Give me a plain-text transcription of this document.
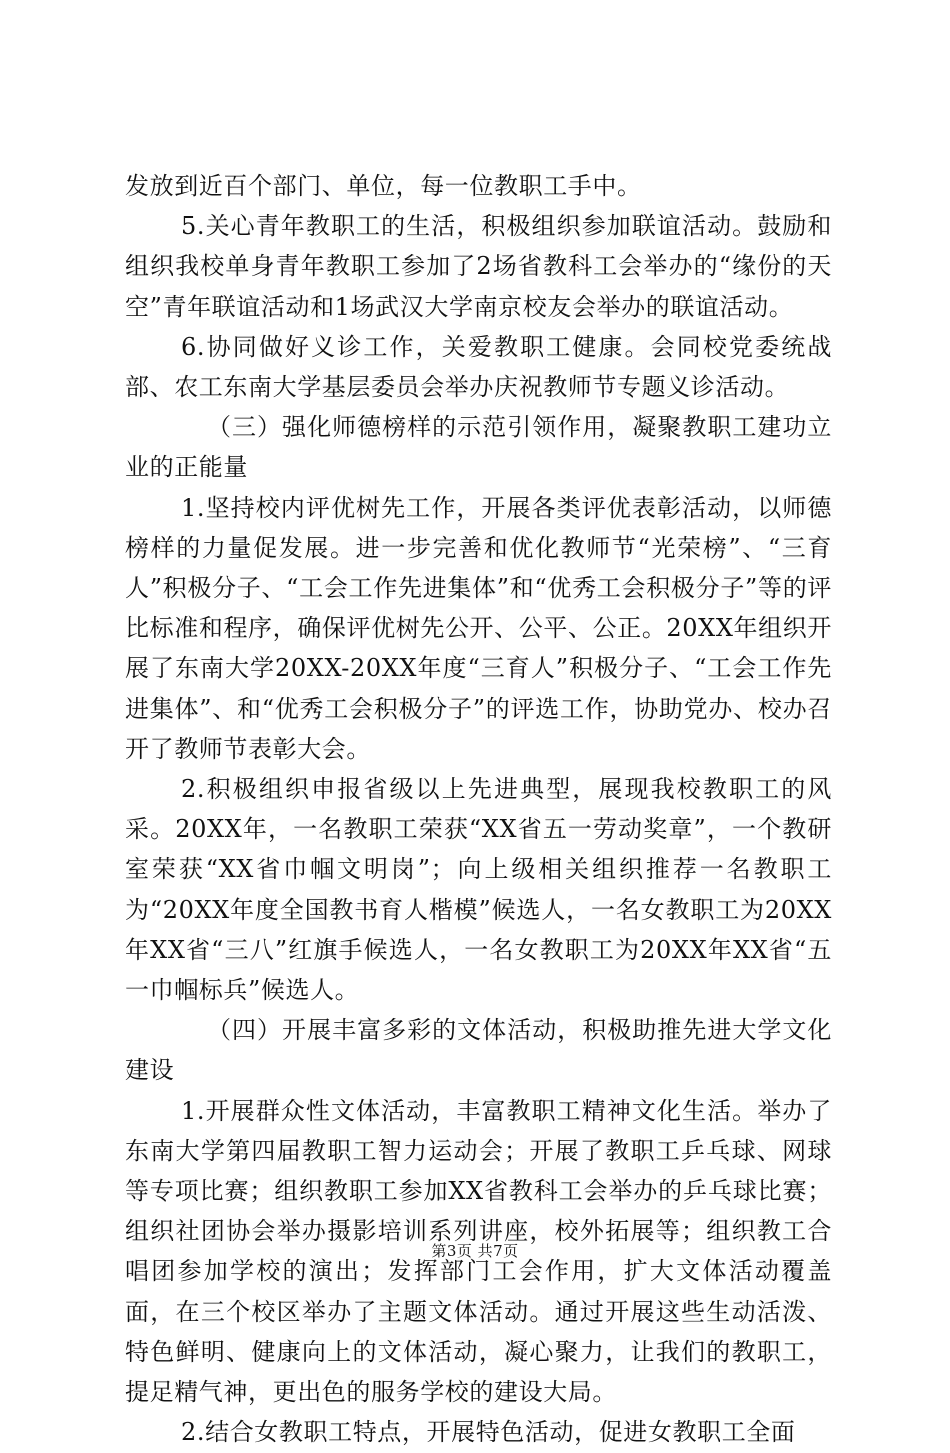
发放到近百个部门、单位，每一位教职工手中。

5.关心青年教职工的生活，积极组织参加联谊活动。鼓励和组织我校单身青年教职工参加了2场省教科工会举办的“缘份的天空”青年联谊活动和1场武汉大学南京校友会举办的联谊活动。

6.协同做好义诊工作，关爱教职工健康。会同校党委统战部、农工东南大学基层委员会举办庆祝教师节专题义诊活动。

（三）强化师德榜样的示范引领作用，凝聚教职工建功立业的正能量

1.坚持校内评优树先工作，开展各类评优表彰活动，以师德榜样的力量促发展。进一步完善和优化教师节“光荣榜”、“三育人”积极分子、“工会工作先进集体”和“优秀工会积极分子”等的评比标准和程序，确保评优树先公开、公平、公正。20XX年组织开展了东南大学20XX-20XX年度“三育人”积极分子、“工会工作先进集体”、和“优秀工会积极分子”的评选工作，协助党办、校办召开了教师节表彰大会。

2.积极组织申报省级以上先进典型，展现我校教职工的风采。20XX年，一名教职工荣获“XX省五一劳动奖章”，一个教研室荣获“XX省巾帼文明岗”；向上级相关组织推荐一名教职工为“20XX年度全国教书育人楷模”候选人，一名女教职工为20XX年XX省“三八”红旗手候选人，一名女教职工为20XX年XX省“五一巾帼标兵”候选人。

（四）开展丰富多彩的文体活动，积极助推先进大学文化建设

1.开展群众性文体活动，丰富教职工精神文化生活。举办了东南大学第四届教职工智力运动会；开展了教职工乒乓球、网球等专项比赛；组织教职工参加XX省教科工会举办的乒乓球比赛；组织社团协会举办摄影培训系列讲座，校外拓展等；组织教工合唱团参加学校的演出；发挥部门工会作用，扩大文体活动覆盖面，在三个校区举办了主题文体活动。通过开展这些生动活泼、特色鲜明、健康向上的文体活动，凝心聚力，让我们的教职工，提足精气神，更出色的服务学校的建设大局。

2.结合女教职工特点，开展特色活动，促进女教职工全面

第3页 共7页
